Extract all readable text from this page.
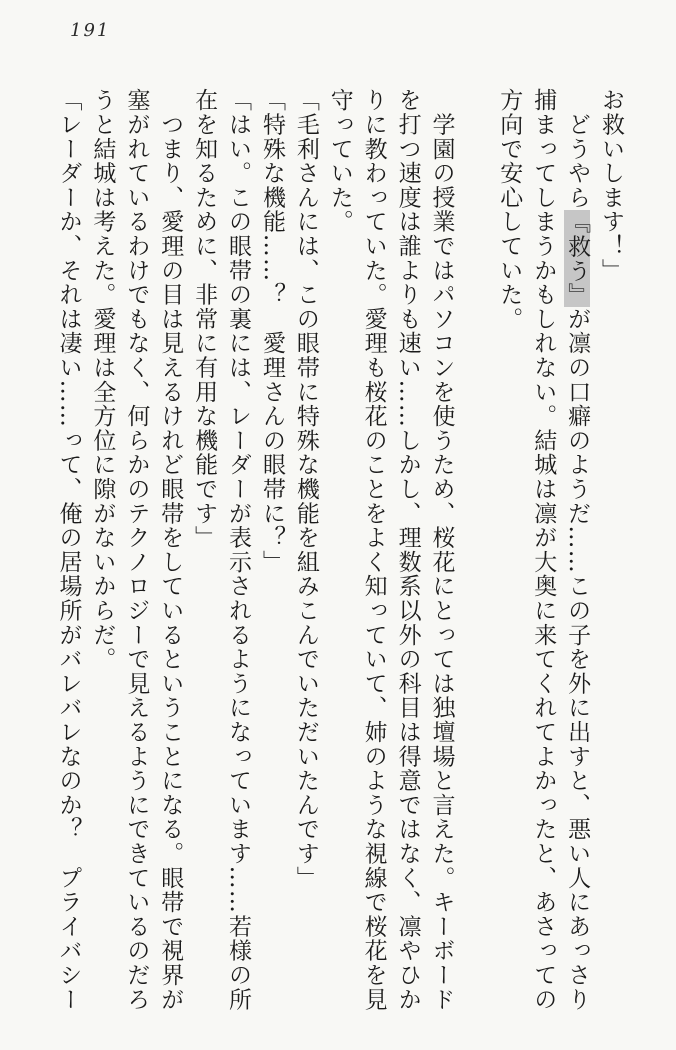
191
お救いします！」
　どうやら『救う』が凛の口癖のようだ……この子を外に出すと、悪い人にあっさり
捕まってしまうかもしれない。結城は凛が大奥に来てくれてよかったと、あさっての
方向で安心していた。

　学園の授業ではパソコンを使うため、桜花にとっては独壇場と言えた。キーボード
を打つ速度は誰よりも速い……しかし、理数系以外の科目は得意ではなく、凛やひか
りに教わっていた。愛理も桜花のことをよく知っていて、姉のような視線で桜花を見
守っていた。
「毛利さんには、この眼帯に特殊な機能を組みこんでいただいたんです」
「特殊な機能……？　愛理さんの眼帯に？」
「はい。この眼帯の裏には、レーダーが表示されるようになっています……若様の所
在を知るために、非常に有用な機能です」
　つまり、愛理の目は見えるけれど眼帯をしているということになる。眼帯で視界が
塞がれているわけでもなく、何らかのテクノロジーで見えるようにできているのだろ
うと結城は考えた。愛理は全方位に隙がないからだ。
「レーダーか、それは凄い……って、俺の居場所がバレバレなのか？　プライバシー
